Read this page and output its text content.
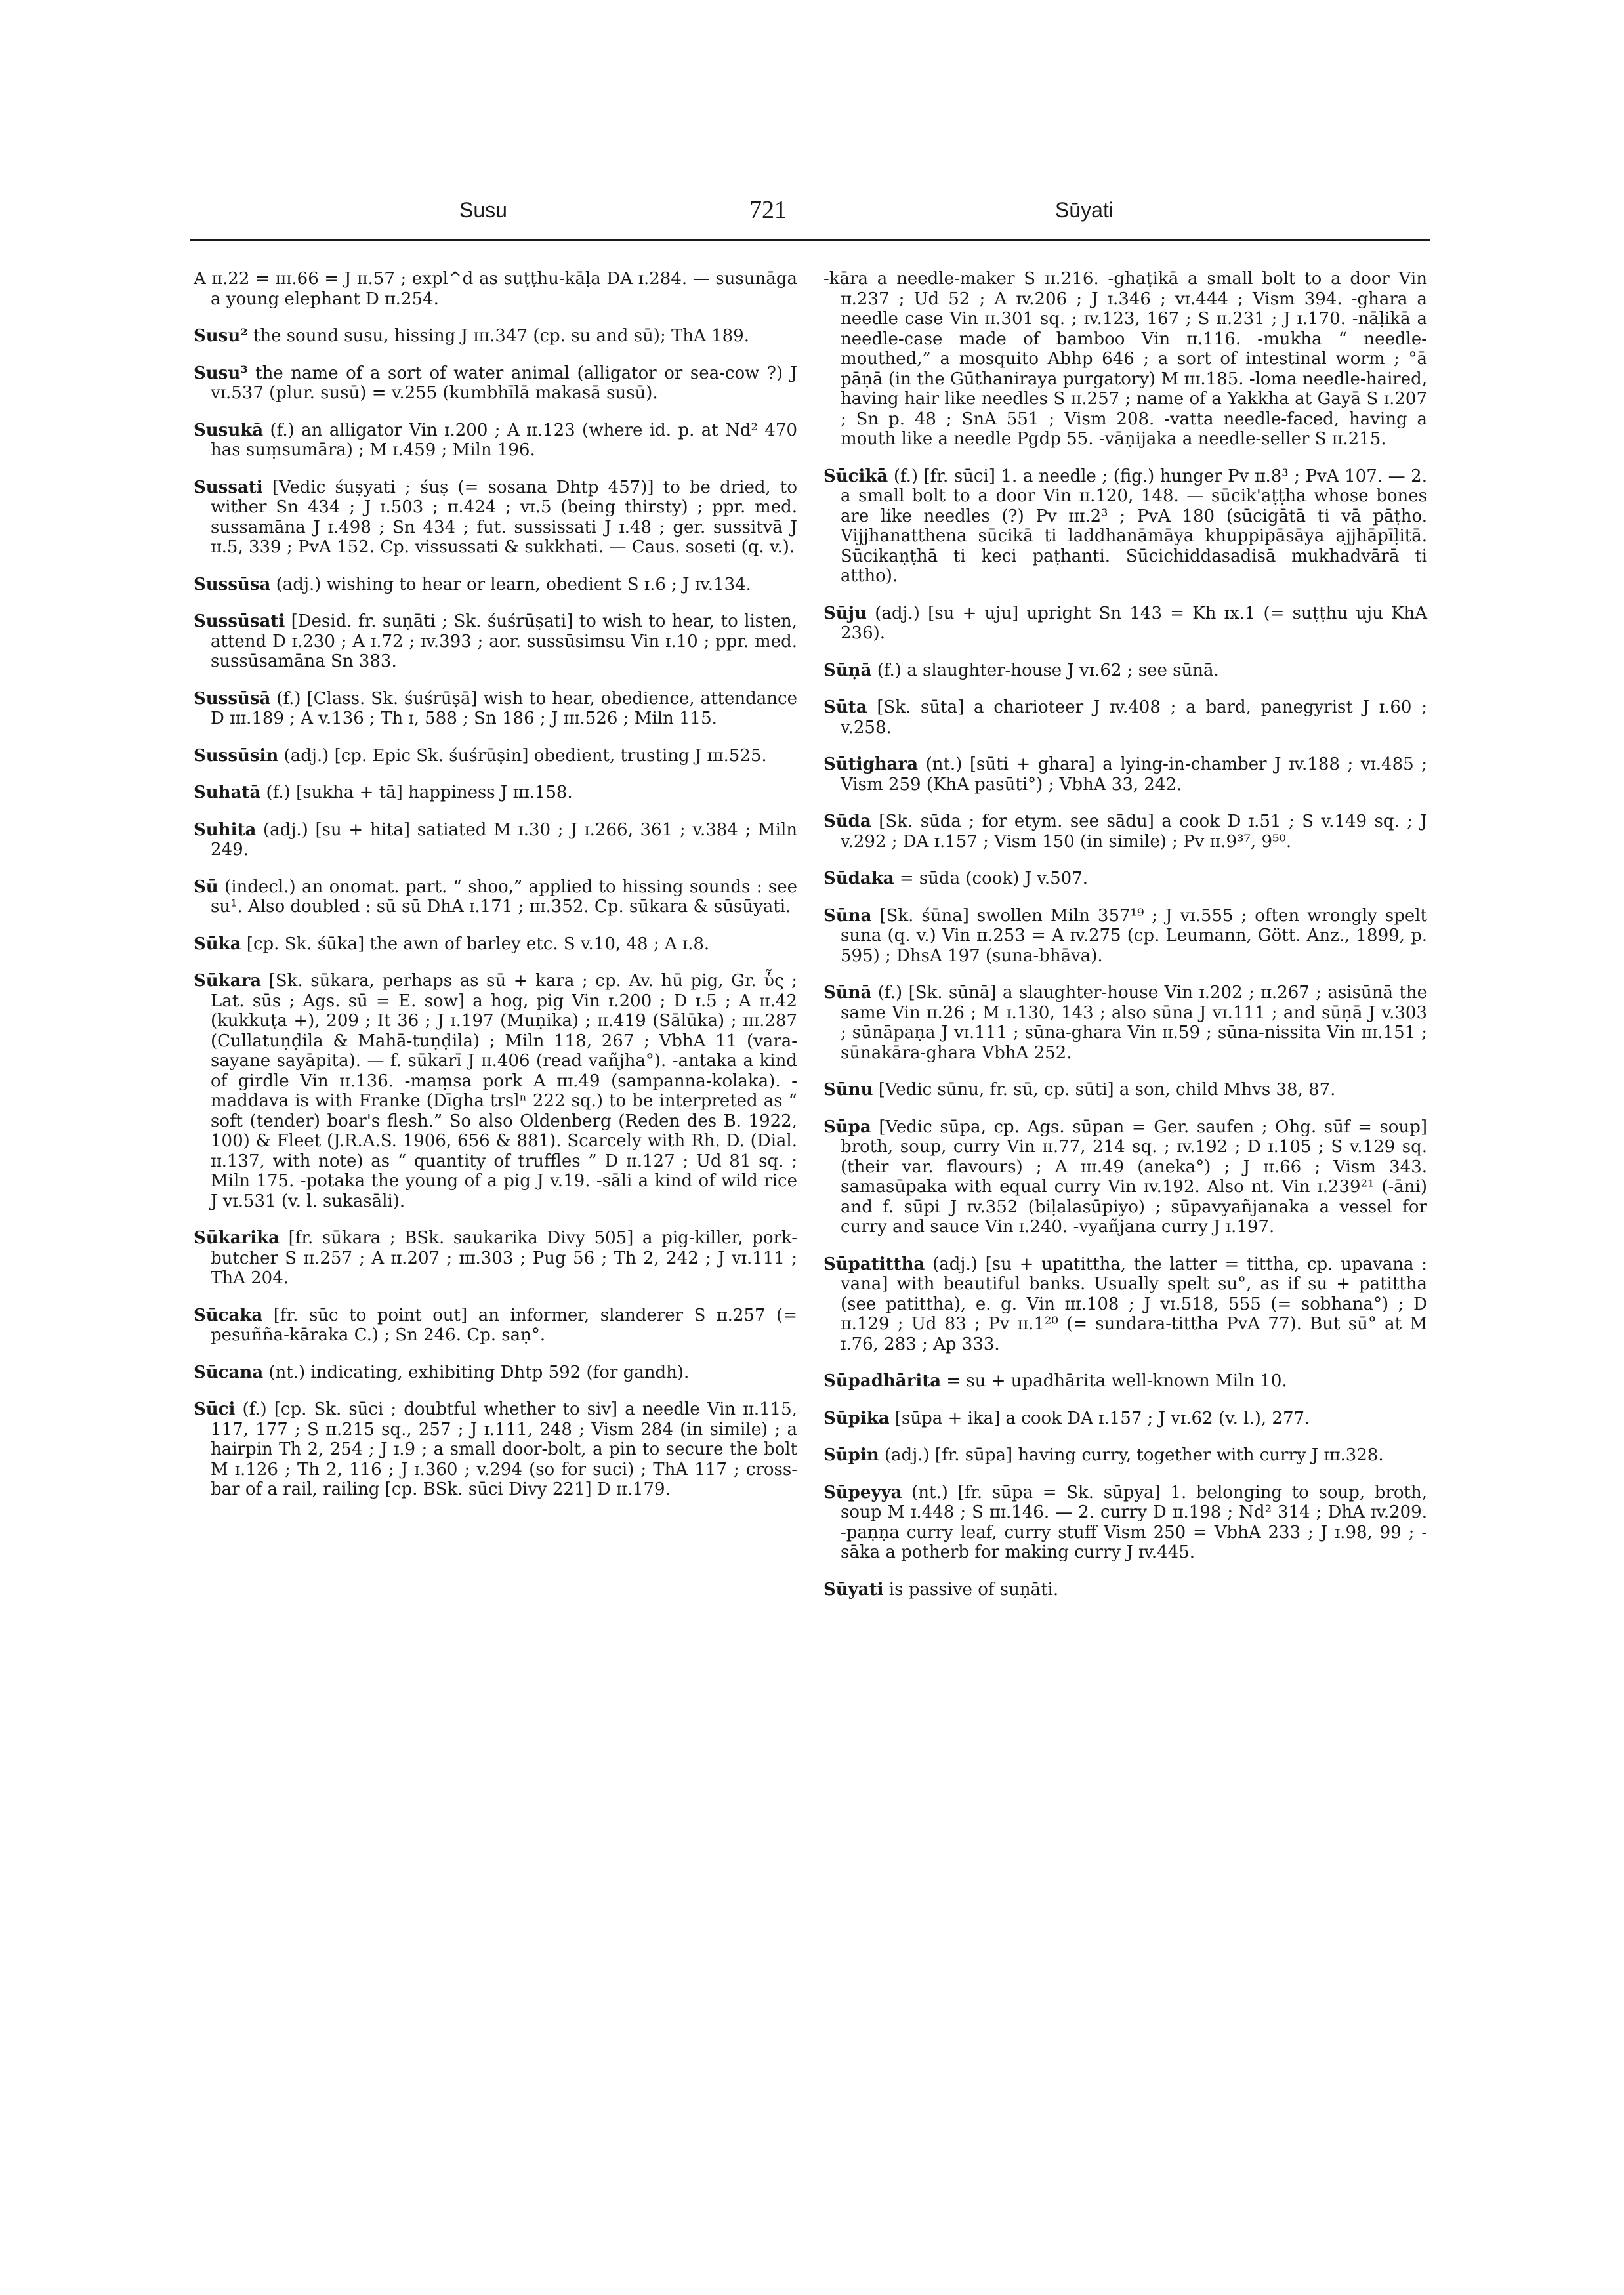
Susu	721	Sūyati

A ɪɪ.22 = ɪɪɪ.66 = J ɪɪ.57 ; expl^d as suṭṭhu-kāḷa DA ɪ.284. — susunāga a young elephant D ɪɪ.254.

Susu² the sound susu, hissing J ɪɪɪ.347 (cp. su and sū); ThA 189.

Susu³ the name of a sort of water animal (alligator or sea-cow ?) J vɪ.537 (plur. susū) = v.255 (kumbhīlā makasā susū).

Susukā (f.) an alligator Vin ɪ.200 ; A ɪɪ.123 (where id. p. at Nd² 470 has suṃsumāra) ; M ɪ.459 ; Miln 196.

Sussati [Vedic śuṣyati ; śuṣ (= sosana Dhtp 457)] to be dried, to wither Sn 434 ; J ɪ.503 ; ɪɪ.424 ; vɪ.5 (being thirsty) ; ppr. med. sussamāna J ɪ.498 ; Sn 434 ; fut. sussissati J ɪ.48 ; ger. sussitvā J ɪɪ.5, 339 ; PvA 152. Cp. vissussati & sukkhati. — Caus. soseti (q. v.).

Sussūsa (adj.) wishing to hear or learn, obedient S ɪ.6 ; J ɪv.134.

Sussūsati [Desid. fr. suṇāti ; Sk. śuśrūṣati] to wish to hear, to listen, attend D ɪ.230 ; A ɪ.72 ; ɪv.393 ; aor. sussūsimsu Vin ɪ.10 ; ppr. med. sussūsamāna Sn 383.

Sussūsā (f.) [Class. Sk. śuśrūṣā] wish to hear, obedience, attendance D ɪɪɪ.189 ; A v.136 ; Th ɪ, 588 ; Sn 186 ; J ɪɪɪ.526 ; Miln 115.

Sussūsin (adj.) [cp. Epic Sk. śuśrūṣin] obedient, trusting J ɪɪɪ.525.

Suhatā (f.) [sukha + tā] happiness J ɪɪɪ.158.

Suhita (adj.) [su + hita] satiated M ɪ.30 ; J ɪ.266, 361 ; v.384 ; Miln 249.

Sū (indecl.) an onomat. part. “ shoo,” applied to hissing sounds : see su¹. Also doubled : sū sū DhA ɪ.171 ; ɪɪɪ.352. Cp. sūkara & sūsūyati.

Sūka [cp. Sk. śūka] the awn of barley etc. S v.10, 48 ; A ɪ.8.

Sūkara [Sk. sūkara, perhaps as sū + kara ; cp. Av. hū pig, Gr. ὗς ; Lat. sūs ; Ags. sū = E. sow] a hog, pig Vin ɪ.200 ; D ɪ.5 ; A ɪɪ.42 (kukkuṭa +), 209 ; It 36 ; J ɪ.197 (Muṇika) ; ɪɪ.419 (Sālūka) ; ɪɪɪ.287 (Cullatuṇḍila & Mahā-tuṇḍila) ; Miln 118, 267 ; VbhA 11 (vara-sayane sayāpita). — f. sūkarī J ɪɪ.406 (read vañjha°). -antaka a kind of girdle Vin ɪɪ.136. -maṃsa pork A ɪɪɪ.49 (sampanna-kolaka). -maddava is with Franke (Dīgha trslⁿ 222 sq.) to be interpreted as “ soft (tender) boar's flesh.” So also Oldenberg (Reden des B. 1922, 100) & Fleet (J.R.A.S. 1906, 656 & 881). Scarcely with Rh. D. (Dial. ɪɪ.137, with note) as “ quantity of truffles ” D ɪɪ.127 ; Ud 81 sq. ; Miln 175. -potaka the young of a pig J v.19. -sāli a kind of wild rice J vɪ.531 (v. l. sukasāli).

Sūkarika [fr. sūkara ; BSk. saukarika Divy 505] a pig-killer, pork-butcher S ɪɪ.257 ; A ɪɪ.207 ; ɪɪɪ.303 ; Pug 56 ; Th 2, 242 ; J vɪ.111 ; ThA 204.

Sūcaka [fr. sūc to point out] an informer, slanderer S ɪɪ.257 (= pesuñña-kāraka C.) ; Sn 246. Cp. saṇ°.

Sūcana (nt.) indicating, exhibiting Dhtp 592 (for gandh).

Sūci (f.) [cp. Sk. sūci ; doubtful whether to siv] a needle Vin ɪɪ.115, 117, 177 ; S ɪɪ.215 sq., 257 ; J ɪ.111, 248 ; Vism 284 (in simile) ; a hairpin Th 2, 254 ; J ɪ.9 ; a small door-bolt, a pin to secure the bolt M ɪ.126 ; Th 2, 116 ; J ɪ.360 ; v.294 (so for suci) ; ThA 117 ; cross-bar of a rail, railing [cp. BSk. sūci Divy 221] D ɪɪ.179.

-kāra a needle-maker S ɪɪ.216. -ghaṭikā a small bolt to a door Vin ɪɪ.237 ; Ud 52 ; A ɪv.206 ; J ɪ.346 ; vɪ.444 ; Vism 394. -ghara a needle case Vin ɪɪ.301 sq. ; ɪv.123, 167 ; S ɪɪ.231 ; J ɪ.170. -nāḷikā a needle-case made of bamboo Vin ɪɪ.116. -mukha “ needle-mouthed,” a mosquito Abhp 646 ; a sort of intestinal worm ; °ā pāṇā (in the Gūthaniraya purgatory) M ɪɪɪ.185. -loma needle-haired, having hair like needles S ɪɪ.257 ; name of a Yakkha at Gayā S ɪ.207 ; Sn p. 48 ; SnA 551 ; Vism 208. -vatta needle-faced, having a mouth like a needle Pgdp 55. -vāṇijaka a needle-seller S ɪɪ.215.

Sūcikā (f.) [fr. sūci] 1. a needle ; (fig.) hunger Pv ɪɪ.8³ ; PvA 107. — 2. a small bolt to a door Vin ɪɪ.120, 148. — sūcik'aṭṭha whose bones are like needles (?) Pv ɪɪɪ.2³ ; PvA 180 (sūcigātā ti vā pāṭho. Vijjhanatthena sūcikā ti laddhanāmāya khuppipāsāya ajjhāpīḷitā. Sūcikaṇṭhā ti keci paṭhanti. Sūcichiddasadisā mukhadvārā ti attho).

Sūju (adj.) [su + uju] upright Sn 143 = Kh ɪx.1 (= suṭṭhu uju KhA 236).

Sūṇā (f.) a slaughter-house J vɪ.62 ; see sūnā.

Sūta [Sk. sūta] a charioteer J ɪv.408 ; a bard, panegyrist J ɪ.60 ; v.258.

Sūtighara (nt.) [sūti + ghara] a lying-in-chamber J ɪv.188 ; vɪ.485 ; Vism 259 (KhA pasūti°) ; VbhA 33, 242.

Sūda [Sk. sūda ; for etym. see sādu] a cook D ɪ.51 ; S v.149 sq. ; J v.292 ; DA ɪ.157 ; Vism 150 (in simile) ; Pv ɪɪ.9³⁷, 9⁵⁰.

Sūdaka = sūda (cook) J v.507.

Sūna [Sk. śūna] swollen Miln 357¹⁹ ; J vɪ.555 ; often wrongly spelt suna (q. v.) Vin ɪɪ.253 = A ɪv.275 (cp. Leumann, Gött. Anz., 1899, p. 595) ; DhsA 197 (suna-bhāva).

Sūnā (f.) [Sk. sūnā] a slaughter-house Vin ɪ.202 ; ɪɪ.267 ; asisūnā the same Vin ɪɪ.26 ; M ɪ.130, 143 ; also sūna J vɪ.111 ; and sūṇā J v.303 ; sūnāpaṇa J vɪ.111 ; sūna-ghara Vin ɪɪ.59 ; sūna-nissita Vin ɪɪɪ.151 ; sūnakāra-ghara VbhA 252.

Sūnu [Vedic sūnu, fr. sū, cp. sūti] a son, child Mhvs 38, 87.

Sūpa [Vedic sūpa, cp. Ags. sūpan = Ger. saufen ; Ohg. sūf = soup] broth, soup, curry Vin ɪɪ.77, 214 sq. ; ɪv.192 ; D ɪ.105 ; S v.129 sq. (their var. flavours) ; A ɪɪɪ.49 (aneka°) ; J ɪɪ.66 ; Vism 343. samasūpaka with equal curry Vin ɪv.192. Also nt. Vin ɪ.239²¹ (-āni) and f. sūpi J ɪv.352 (biḷalasūpiyo) ; sūpavyañjanaka a vessel for curry and sauce Vin ɪ.240. -vyañjana curry J ɪ.197.

Sūpatittha (adj.) [su + upatittha, the latter = tittha, cp. upavana : vana] with beautiful banks. Usually spelt su°, as if su + patittha (see patittha), e. g. Vin ɪɪɪ.108 ; J vɪ.518, 555 (= sobhana°) ; D ɪɪ.129 ; Ud 83 ; Pv ɪɪ.1²⁰ (= sundara-tittha PvA 77). But sū° at M ɪ.76, 283 ; Ap 333.

Sūpadhārita = su + upadhārita well-known Miln 10.

Sūpika [sūpa + ika] a cook DA ɪ.157 ; J vɪ.62 (v. l.), 277.

Sūpin (adj.) [fr. sūpa] having curry, together with curry J ɪɪɪ.328.

Sūpeyya (nt.) [fr. sūpa = Sk. sūpya] 1. belonging to soup, broth, soup M ɪ.448 ; S ɪɪɪ.146. — 2. curry D ɪɪ.198 ; Nd² 314 ; DhA ɪv.209. -paṇṇa curry leaf, curry stuff Vism 250 = VbhA 233 ; J ɪ.98, 99 ; -sāka a potherb for making curry J ɪv.445.

Sūyati is passive of suṇāti.
